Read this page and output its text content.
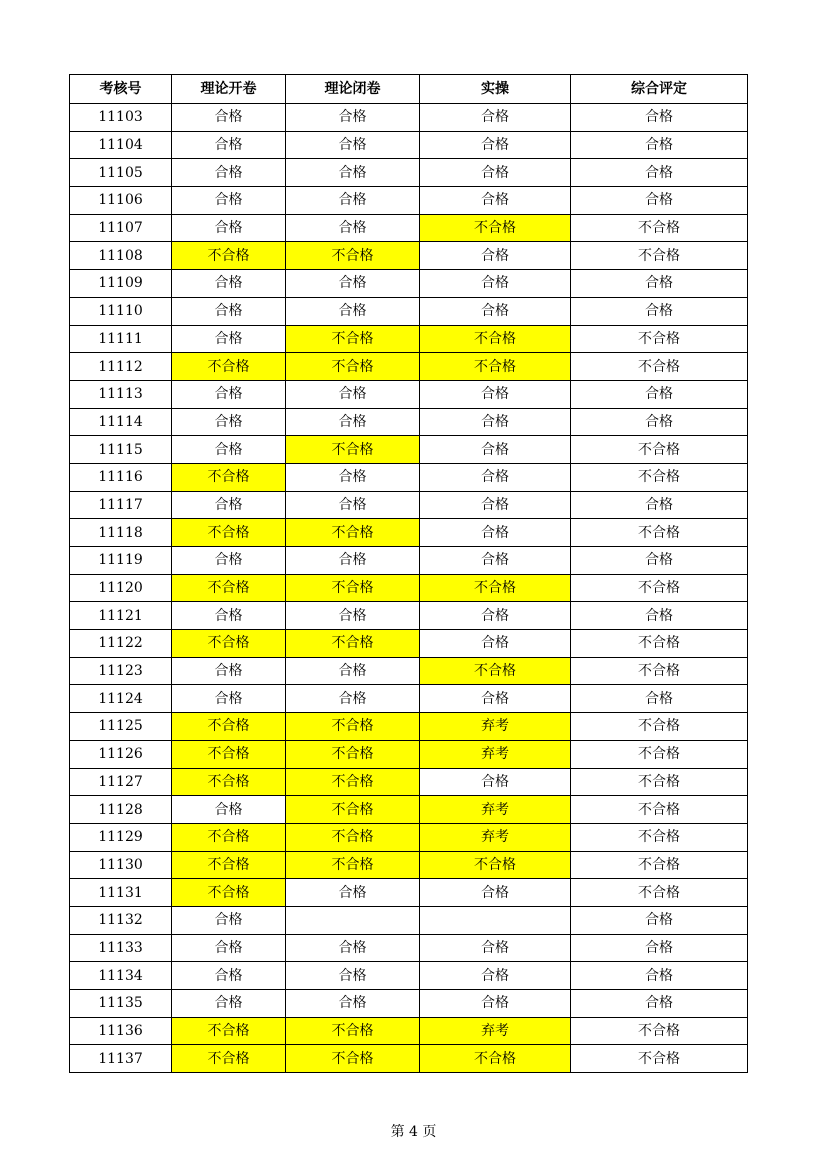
考核号	理论开卷	理论闭卷	实操	综合评定
11103	合格	合格	合格	合格
11104	合格	合格	合格	合格
11105	合格	合格	合格	合格
11106	合格	合格	合格	合格
11107	合格	合格	不合格	不合格
11108	不合格	不合格	合格	不合格
11109	合格	合格	合格	合格
11110	合格	合格	合格	合格
11111	合格	不合格	不合格	不合格
11112	不合格	不合格	不合格	不合格
11113	合格	合格	合格	合格
11114	合格	合格	合格	合格
11115	合格	不合格	合格	不合格
11116	不合格	合格	合格	不合格
11117	合格	合格	合格	合格
11118	不合格	不合格	合格	不合格
11119	合格	合格	合格	合格
11120	不合格	不合格	不合格	不合格
11121	合格	合格	合格	合格
11122	不合格	不合格	合格	不合格
11123	合格	合格	不合格	不合格
11124	合格	合格	合格	合格
11125	不合格	不合格	弃考	不合格
11126	不合格	不合格	弃考	不合格
11127	不合格	不合格	合格	不合格
11128	合格	不合格	弃考	不合格
11129	不合格	不合格	弃考	不合格
11130	不合格	不合格	不合格	不合格
11131	不合格	合格	合格	不合格
11132	合格			合格
11133	合格	合格	合格	合格
11134	合格	合格	合格	合格
11135	合格	合格	合格	合格
11136	不合格	不合格	弃考	不合格
11137	不合格	不合格	不合格	不合格
第 4 页
